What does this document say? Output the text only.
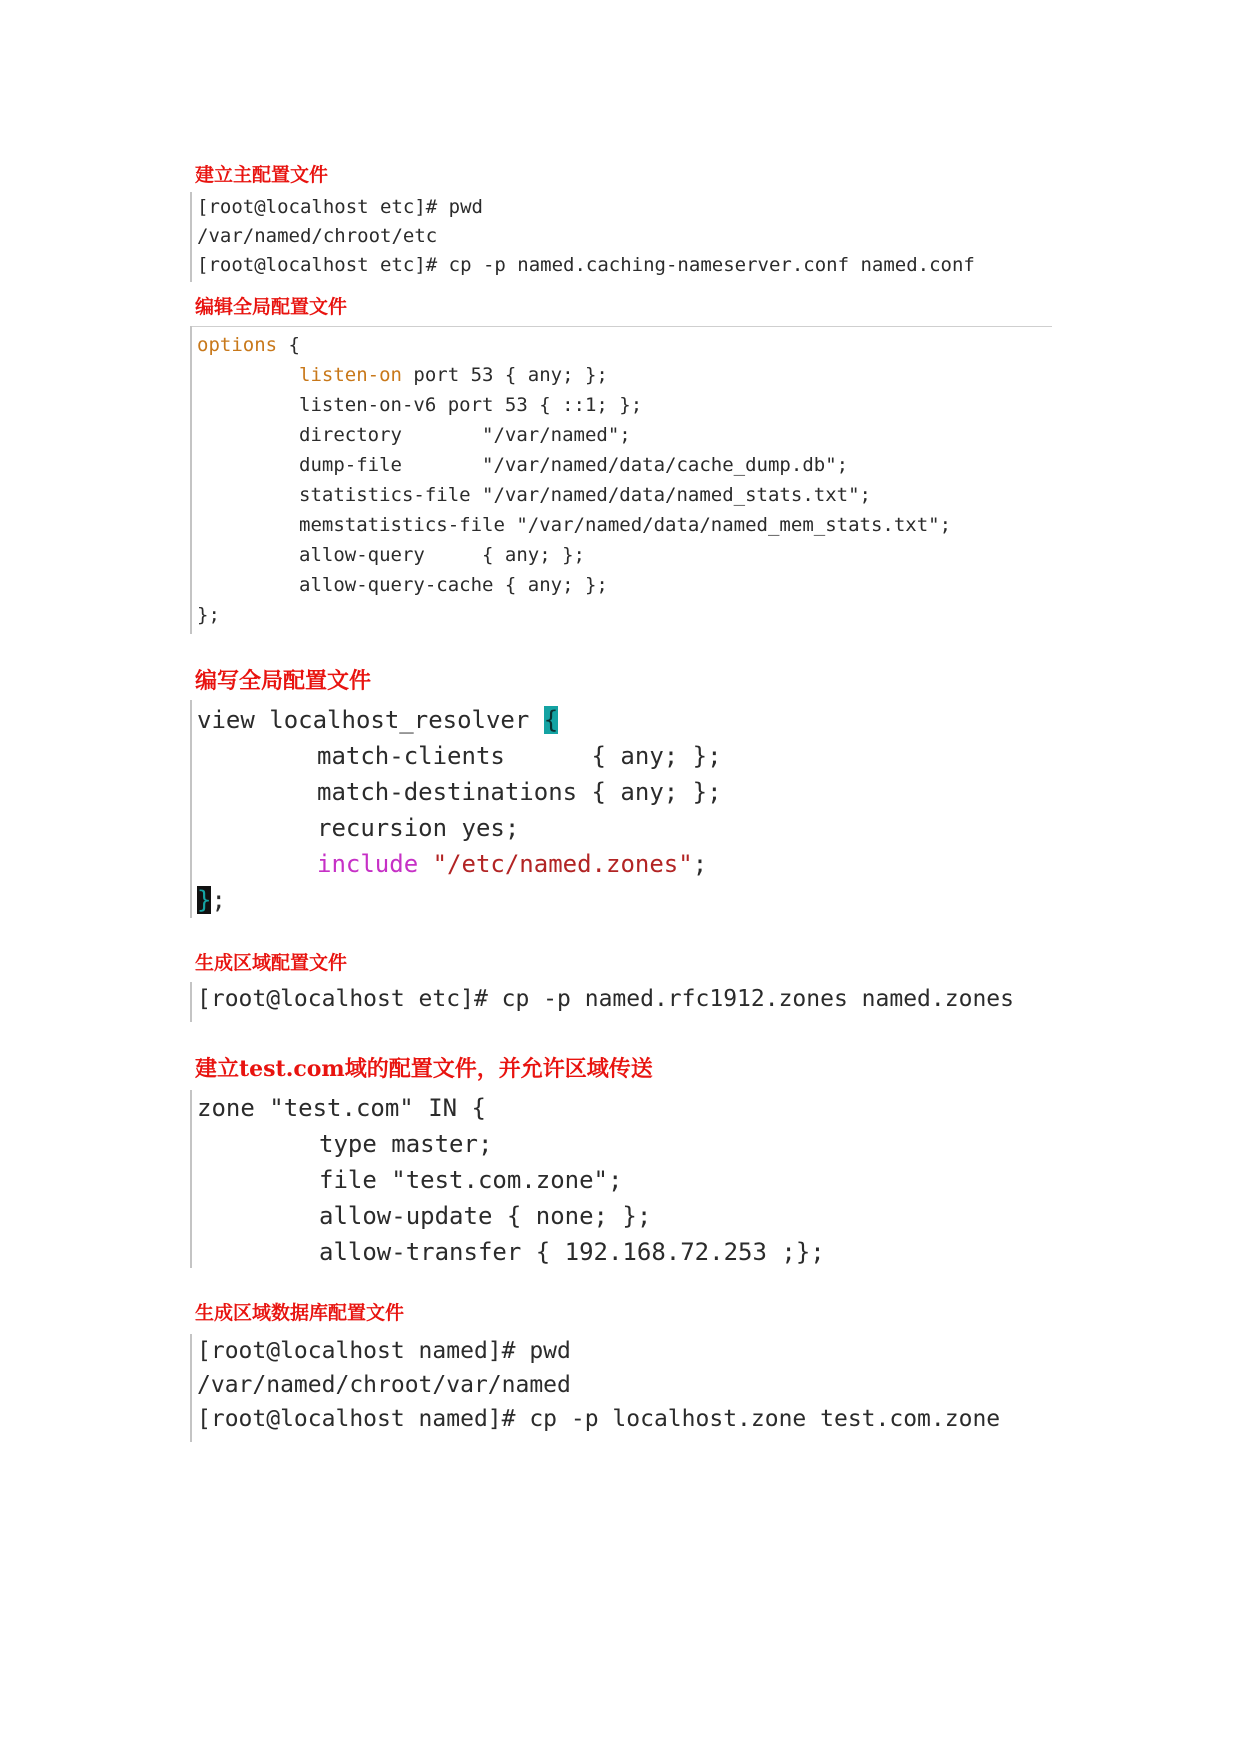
建立主配置文件
[root@localhost etc]# pwd
/var/named/chroot/etc
[root@localhost etc]# cp -p named.caching-nameserver.conf named.conf
编辑全局配置文件
options {
listen-on port 53 { any; };
listen-on-v6 port 53 { ::1; };
directory       "/var/named";
dump-file       "/var/named/data/cache_dump.db";
statistics-file "/var/named/data/named_stats.txt";
memstatistics-file "/var/named/data/named_mem_stats.txt";
allow-query     { any; };
allow-query-cache { any; };
};
编写全局配置文件
view localhost_resolver {
match-clients      { any; };
match-destinations { any; };
recursion yes;
include "/etc/named.zones";
};
生成区域配置文件
[root@localhost etc]# cp -p named.rfc1912.zones named.zones
建立test.com域的配置文件，并允许区域传送
zone "test.com" IN {
type master;
file "test.com.zone";
allow-update { none; };
allow-transfer { 192.168.72.253 ;};
生成区域数据库配置文件
[root@localhost named]# pwd
/var/named/chroot/var/named
[root@localhost named]# cp -p localhost.zone test.com.zone
